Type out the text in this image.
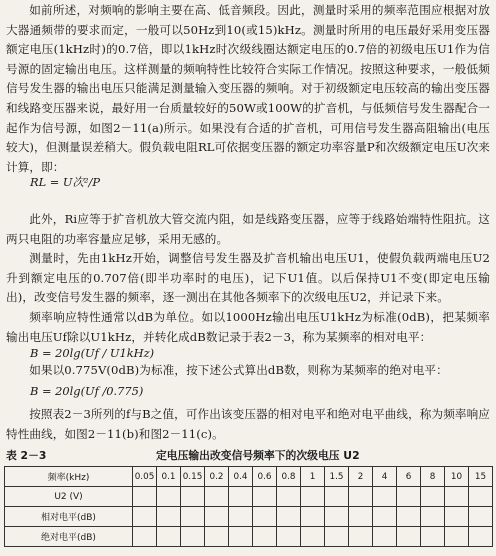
如前所述，对频响的影响主要在高、低音频段。因此，测量时采用的频率范围应根据对放大器通频带的要求而定，一般可以50Hz到10(或15)kHz。测量时所用的电压最好采用变压器额定电压(1kHz时)的0.7倍，即以1kHz时次级线圈达额定电压的0.7倍的初级电压U1作为信号源的固定输出电压。这样测量的频响特性比较符合实际工作情况。按照这种要求，一般低频信号发生器的输出电压只能满足测量输入变压器的频响。对于初级额定电压较高的输出变压器和线路变压器来说，最好用一台质量较好的50W或100W的扩音机，与低频信号发生器配合一起作为信号源，如图2－11(a)所示。如果没有合适的扩音机，可用信号发生器高阻输出(电压较大)，但测量误差稍大。假负载电阻RL可依据变压器的额定功率容量P和次级额定电压U次来计算，即：

RL = U次²/P

此外，Ri应等于扩音机放大管交流内阻，如是线路变压器，应等于线路始端特性阻抗。这两只电阻的功率容量应足够，采用无感的。

测量时，先由1kHz开始，调整信号发生器及扩音机输出电压U1，使假负载两端电压U2升到额定电压的0.707倍(即半功率时的电压)，记下U1值。以后保持U1不变(即定电压输出)，改变信号发生器的频率，逐一测出在其他各频率下的次级电压U2，并记录下来。

频率响应特性通常以dB为单位。如以1000Hz输出电压U1kHz为标准(0dB)，把某频率输出电压Uf除以U1kHz，并转化成dB数记录于表2－3，称为某频率的相对电平：

B = 20lg(Uf / U1kHz)

如果以0.775V(0dB)为标准，按下述公式算出dB数，则称为某频率的绝对电平：

B = 20lg(Uf /0.775)

按照表2－3所列的f与B之值，可作出该变压器的相对电平和绝对电平曲线，称为频率响应特性曲线，如图2－11(b)和图2－11(c)。

表 2－3	定电压输出改变信号频率下的次级电压 U2
频率(kHz)	0.05	0.1	0.15	0.2	0.4	0.6	0.8	1	1.5	2	4	6	8	10	15
U2 (V)															
相对电平(dB)															
绝对电平(dB)															
